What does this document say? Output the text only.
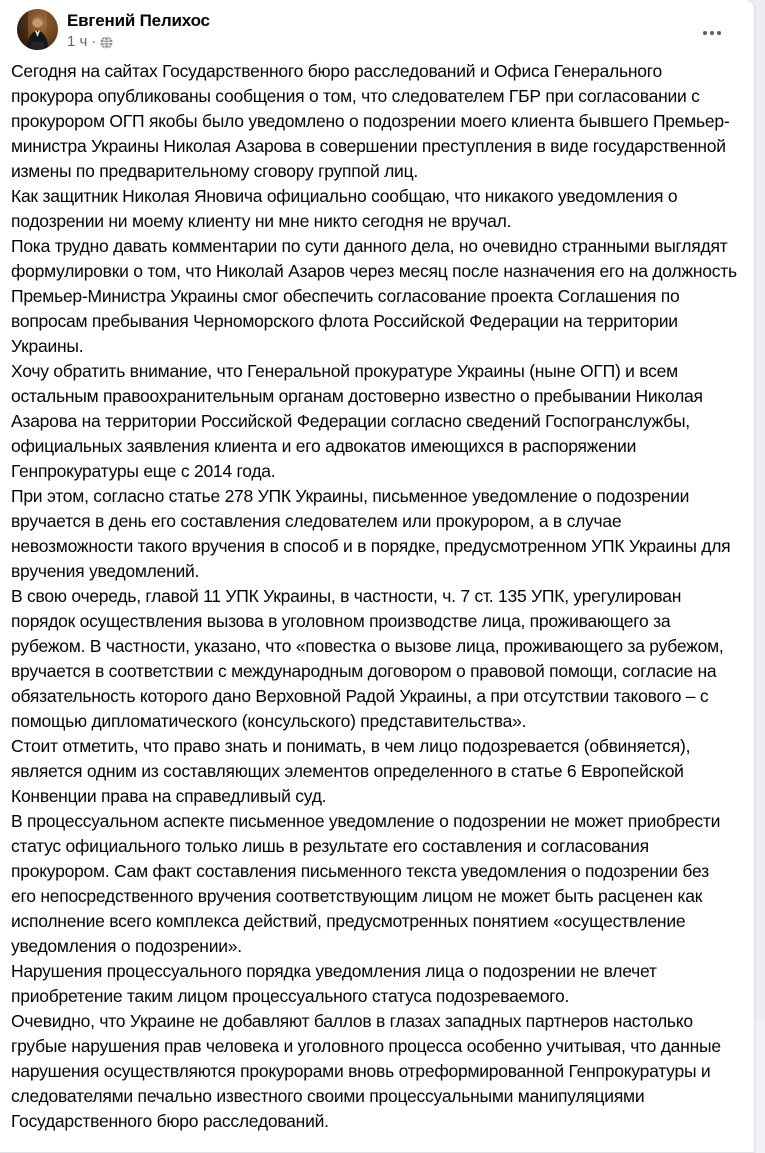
Евгений Пелихос
1 ч ·

Сегодня на сайтах Государственного бюро расследований и Офиса Генерального прокурора опубликованы сообщения о том, что следователем ГБР при согласовании с прокурором ОГП якобы было уведомлено о подозрении моего клиента бывшего Премьер-министра Украины Николая Азарова в совершении преступления в виде государственной измены по предварительному сговору группой лиц.

Как защитник Николая Яновича официально сообщаю, что никакого уведомления о подозрении ни моему клиенту ни мне никто сегодня не вручал.

Пока трудно давать комментарии по сути данного дела, но очевидно странными выглядят формулировки о том, что Николай Азаров через месяц после назначения его на должность Премьер-Министра Украины смог обеспечить согласование проекта Соглашения по вопросам пребывания Черноморского флота Российской Федерации на территории Украины.

Хочу обратить внимание, что Генеральной прокуратуре Украины (ныне ОГП) и всем остальным правоохранительным органам достоверно известно о пребывании Николая Азарова на территории Российской Федерации согласно сведений Госпогранслужбы, официальных заявления клиента и его адвокатов имеющихся в распоряжении Генпрокуратуры еще с 2014 года.

При этом, согласно статье 278 УПК Украины, письменное уведомление о подозрении вручается в день его составления следователем или прокурором, а в случае невозможности такого вручения в способ и в порядке, предусмотренном УПК Украины для вручения уведомлений.

В свою очередь, главой 11 УПК Украины, в частности, ч. 7 ст. 135 УПК, урегулирован порядок осуществления вызова в уголовном производстве лица, проживающего за рубежом. В частности, указано, что «повестка о вызове лица, проживающего за рубежом, вручается в соответствии с международным договором о правовой помощи, согласие на обязательность которого дано Верховной Радой Украины, а при отсутствии такового – с помощью дипломатического (консульского) представительства».

Стоит отметить, что право знать и понимать, в чем лицо подозревается (обвиняется), является одним из составляющих элементов определенного в статье 6 Европейской Конвенции права на справедливый суд.

В процессуальном аспекте письменное уведомление о подозрении не может приобрести статус официального только лишь в результате его составления и согласования прокурором. Сам факт составления письменного текста уведомления о подозрении без его непосредственного вручения соответствующим лицом не может быть расценен как исполнение всего комплекса действий, предусмотренных понятием «осуществление уведомления о подозрении».

Нарушения процессуального порядка уведомления лица о подозрении не влечет приобретение таким лицом процессуального статуса подозреваемого.

Очевидно, что Украине не добавляют баллов в глазах западных партнеров настолько грубые нарушения прав человека и уголовного процесса особенно учитывая, что данные нарушения осуществляются прокурорами вновь отреформированной Генпрокуратуры и следователями печально известного своими процессуальными манипуляциями Государственного бюро расследований.
